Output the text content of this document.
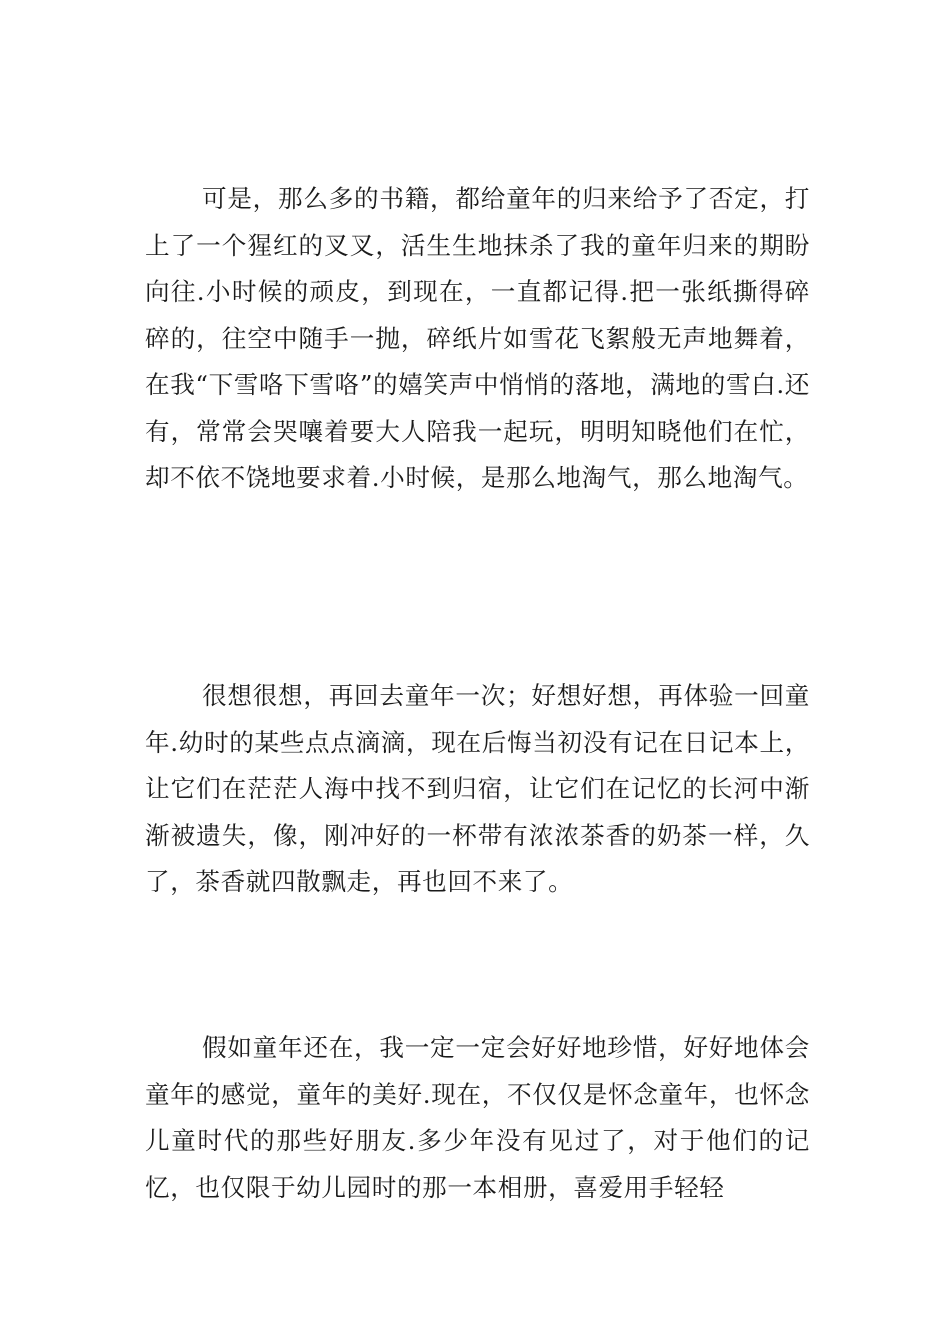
可是，那么多的书籍，都给童年的归来给予了否定，打上了一个猩红的叉叉，活生生地抹杀了我的童年归来的期盼向往.小时候的顽皮，到现在，一直都记得.把一张纸撕得碎碎的，往空中随手一抛，碎纸片如雪花飞絮般无声地舞着，在我“下雪咯下雪咯”的嬉笑声中悄悄的落地，满地的雪白.还有，常常会哭嚷着要大人陪我一起玩，明明知晓他们在忙，却不依不饶地要求着.小时候，是那么地淘气，那么地淘气。

很想很想，再回去童年一次；好想好想，再体验一回童年.幼时的某些点点滴滴，现在后悔当初没有记在日记本上，让它们在茫茫人海中找不到归宿，让它们在记忆的长河中渐渐被遗失，像，刚冲好的一杯带有浓浓茶香的奶茶一样，久了，茶香就四散飘走，再也回不来了。

假如童年还在，我一定一定会好好地珍惜，好好地体会童年的感觉，童年的美好.现在，不仅仅是怀念童年，也怀念儿童时代的那些好朋友.多少年没有见过了，对于他们的记忆，也仅限于幼儿园时的那一本相册，喜爱用手轻轻
